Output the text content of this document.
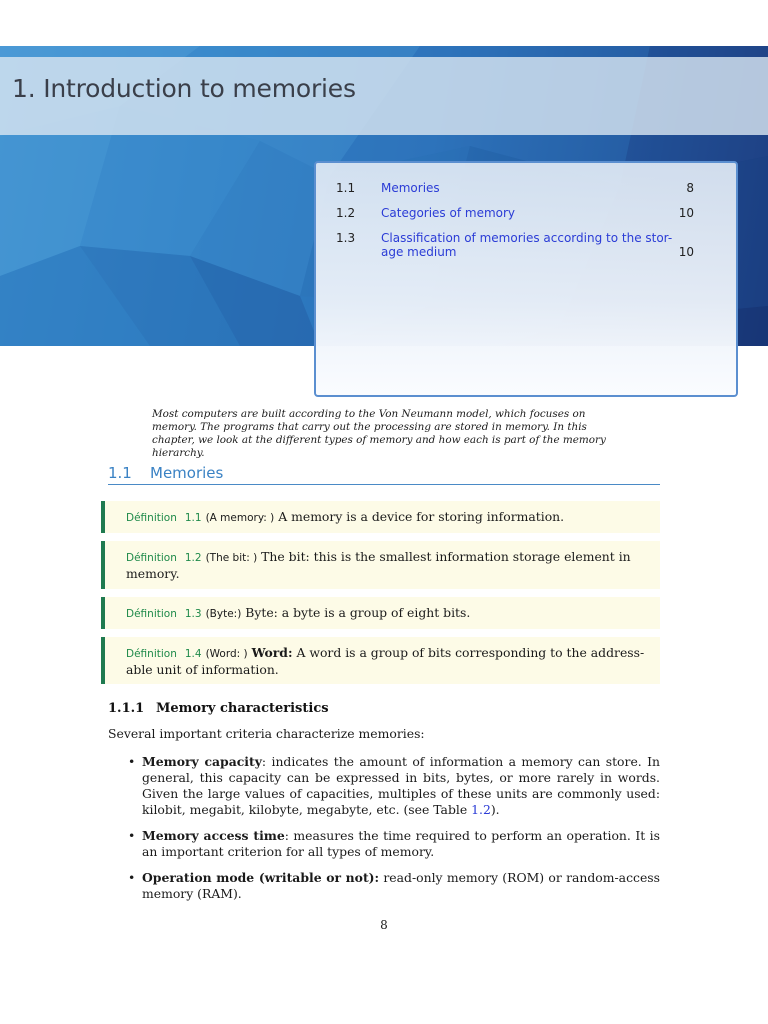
1. Introduction to memories
1.1 Memories	8
1.2 Categories of memory	10
1.3 Classification of memories according to the stor- age medium	10

Most computers are built according to the Von Neumann model, which focuses on memory. The programs that carry out the processing are stored in memory. In this chapter, we look at the different types of memory and how each is part of the memory hierarchy.

1.1 Memories
Définition 1.1 (A memory: ) A memory is a device for storing information.
Définition 1.2 (The bit: ) The bit: this is the smallest information storage element in memory.
Définition 1.3 (Byte:) Byte: a byte is a group of eight bits.
Définition 1.4 (Word: ) Word: A word is a group of bits corresponding to the address- able unit of information.
1.1.1 Memory characteristics

Several important criteria characterize memories:

• Memory capacity: indicates the amount of information a memory can store. In general, this capacity can be expressed in bits, bytes, or more rarely in words. Given the large values of capacities, multiples of these units are commonly used: kilobit, megabit, kilobyte, megabyte, etc. (see Table 1.2).
• Memory access time: measures the time required to perform an operation. It is an important criterion for all types of memory.
• Operation mode (writable or not): read-only memory (ROM) or random-access memory (RAM).
8
